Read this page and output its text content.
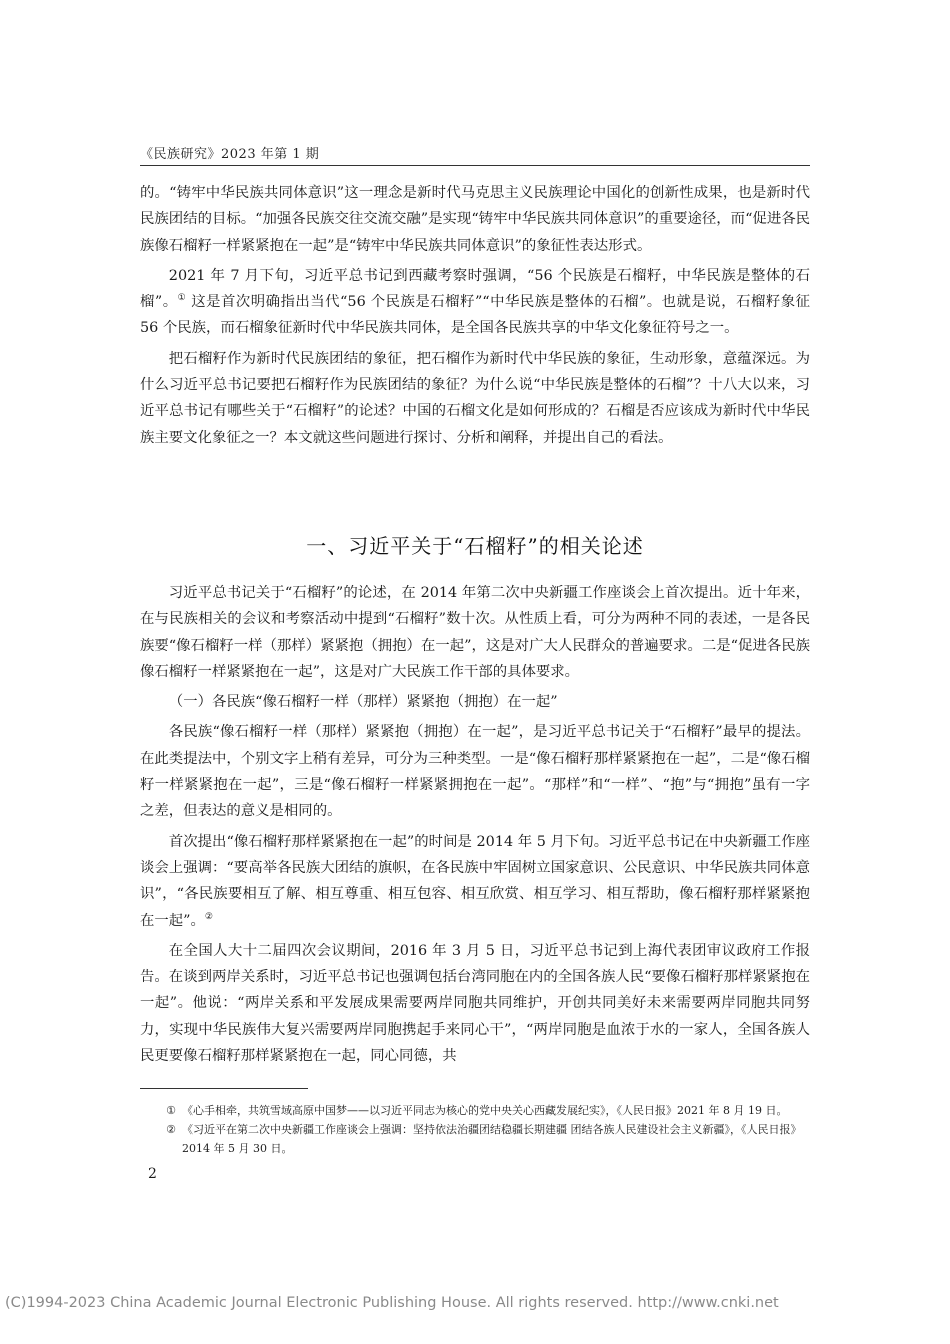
《民族研究》2023 年第 1 期

的。“铸牢中华民族共同体意识”这一理念是新时代马克思主义民族理论中国化的创新性成果，也是新时代民族团结的目标。“加强各民族交往交流交融”是实现“铸牢中华民族共同体意识”的重要途径，而“促进各民族像石榴籽一样紧紧抱在一起”是“铸牢中华民族共同体意识”的象征性表达形式。

2021 年 7 月下旬，习近平总书记到西藏考察时强调，“56 个民族是石榴籽，中华民族是整体的石榴”。① 这是首次明确指出当代“56 个民族是石榴籽”“中华民族是整体的石榴”。也就是说，石榴籽象征 56 个民族，而石榴象征新时代中华民族共同体，是全国各民族共享的中华文化象征符号之一。

把石榴籽作为新时代民族团结的象征，把石榴作为新时代中华民族的象征，生动形象，意蕴深远。为什么习近平总书记要把石榴籽作为民族团结的象征？为什么说“中华民族是整体的石榴”？十八大以来，习近平总书记有哪些关于“石榴籽”的论述？中国的石榴文化是如何形成的？石榴是否应该成为新时代中华民族主要文化象征之一？本文就这些问题进行探讨、分析和阐释，并提出自己的看法。

一、习近平关于“石榴籽”的相关论述

习近平总书记关于“石榴籽”的论述，在 2014 年第二次中央新疆工作座谈会上首次提出。近十年来，在与民族相关的会议和考察活动中提到“石榴籽”数十次。从性质上看，可分为两种不同的表述，一是各民族要“像石榴籽一样（那样）紧紧抱（拥抱）在一起”，这是对广大人民群众的普遍要求。二是“促进各民族像石榴籽一样紧紧抱在一起”，这是对广大民族工作干部的具体要求。

（一）各民族“像石榴籽一样（那样）紧紧抱（拥抱）在一起”

各民族“像石榴籽一样（那样）紧紧抱（拥抱）在一起”，是习近平总书记关于“石榴籽”最早的提法。在此类提法中，个别文字上稍有差异，可分为三种类型。一是“像石榴籽那样紧紧抱在一起”，二是“像石榴籽一样紧紧抱在一起”，三是“像石榴籽一样紧紧拥抱在一起”。“那样”和“一样”、“抱”与“拥抱”虽有一字之差，但表达的意义是相同的。

首次提出“像石榴籽那样紧紧抱在一起”的时间是 2014 年 5 月下旬。习近平总书记在中央新疆工作座谈会上强调：“要高举各民族大团结的旗帜，在各民族中牢固树立国家意识、公民意识、中华民族共同体意识”，“各民族要相互了解、相互尊重、相互包容、相互欣赏、相互学习、相互帮助，像石榴籽那样紧紧抱在一起”。②

在全国人大十二届四次会议期间，2016 年 3 月 5 日，习近平总书记到上海代表团审议政府工作报告。在谈到两岸关系时，习近平总书记也强调包括台湾同胞在内的全国各族人民“要像石榴籽那样紧紧抱在一起”。他说：“两岸关系和平发展成果需要两岸同胞共同维护，开创共同美好未来需要两岸同胞共同努力，实现中华民族伟大复兴需要两岸同胞携起手来同心干”，“两岸同胞是血浓于水的一家人，全国各族人民更要像石榴籽那样紧紧抱在一起，同心同德，共

① 《心手相牵，共筑雪域高原中国梦——以习近平同志为核心的党中央关心西藏发展纪实》，《人民日报》2021 年 8 月 19 日。
② 《习近平在第二次中央新疆工作座谈会上强调：坚持依法治疆团结稳疆长期建疆 团结各族人民建设社会主义新疆》，《人民日报》2014 年 5 月 30 日。
2
(C)1994-2023 China Academic Journal Electronic Publishing House. All rights reserved. http://www.cnki.net
